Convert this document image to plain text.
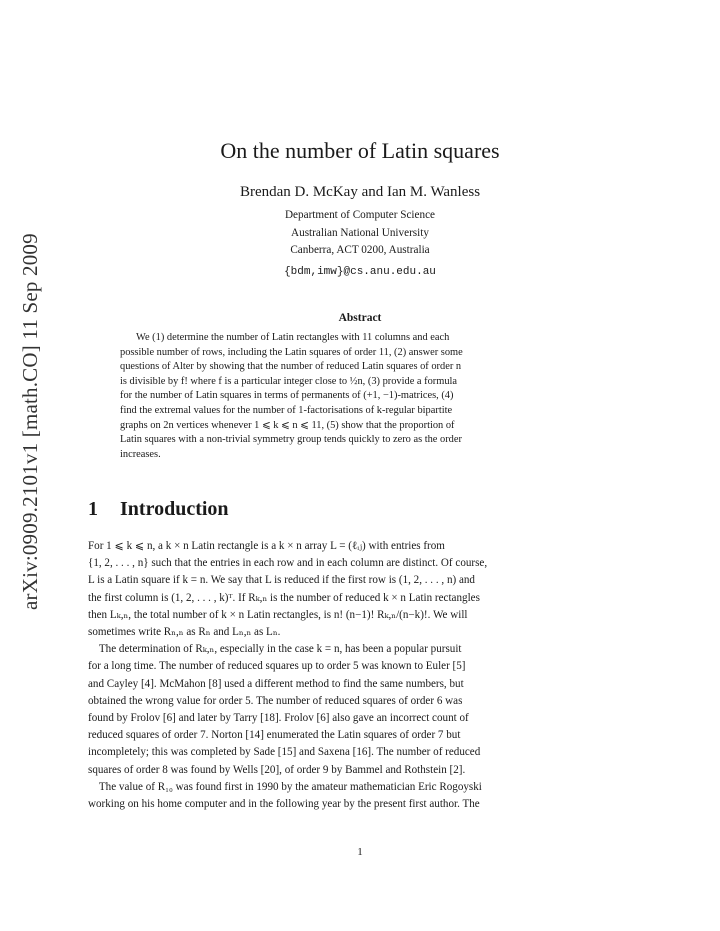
arXiv:0909.2101v1 [math.CO] 11 Sep 2009
On the number of Latin squares
Brendan D. McKay and Ian M. Wanless
Department of Computer Science
Australian National University
Canberra, ACT 0200, Australia
{bdm,imw}@cs.anu.edu.au
Abstract
We (1) determine the number of Latin rectangles with 11 columns and each
possible number of rows, including the Latin squares of order 11, (2) answer some
questions of Alter by showing that the number of reduced Latin squares of order n
is divisible by f! where f is a particular integer close to ½n, (3) provide a formula
for the number of Latin squares in terms of permanents of (+1, −1)-matrices, (4)
find the extremal values for the number of 1-factorisations of k-regular bipartite
graphs on 2n vertices whenever 1 ⩽ k ⩽ n ⩽ 11, (5) show that the proportion of
Latin squares with a non-trivial symmetry group tends quickly to zero as the order
increases.
1 Introduction
For 1 ⩽ k ⩽ n, a k × n Latin rectangle is a k × n array L = (ℓᵢⱼ) with entries from
{1, 2, . . . , n} such that the entries in each row and in each column are distinct. Of course,
L is a Latin square if k = n. We say that L is reduced if the first row is (1, 2, . . . , n) and
the first column is (1, 2, . . . , k)ᵀ. If Rₖ,ₙ is the number of reduced k × n Latin rectangles
then Lₖ,ₙ, the total number of k × n Latin rectangles, is n! (n−1)! Rₖ,ₙ/(n−k)!. We will
sometimes write Rₙ,ₙ as Rₙ and Lₙ,ₙ as Lₙ.
The determination of Rₖ,ₙ, especially in the case k = n, has been a popular pursuit
for a long time. The number of reduced squares up to order 5 was known to Euler [5]
and Cayley [4]. McMahon [8] used a different method to find the same numbers, but
obtained the wrong value for order 5. The number of reduced squares of order 6 was
found by Frolov [6] and later by Tarry [18]. Frolov [6] also gave an incorrect count of
reduced squares of order 7. Norton [14] enumerated the Latin squares of order 7 but
incompletely; this was completed by Sade [15] and Saxena [16]. The number of reduced
squares of order 8 was found by Wells [20], of order 9 by Bammel and Rothstein [2].
The value of R₁₀ was found first in 1990 by the amateur mathematician Eric Rogoyski
working on his home computer and in the following year by the present first author. The
1
